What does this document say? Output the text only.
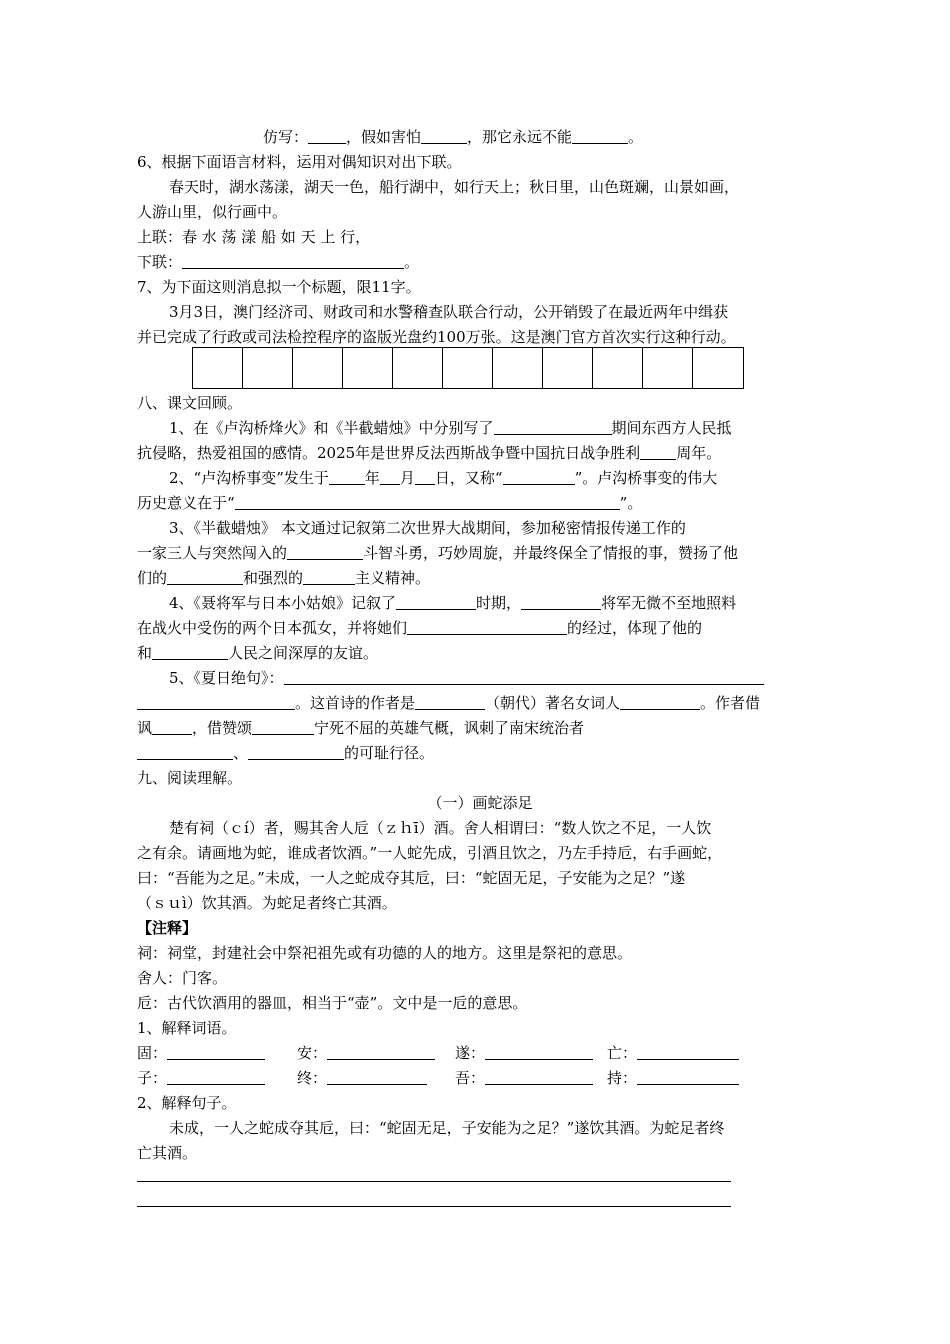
仿写：	，假如害怕	，那它永远不能	。
6、根据下面语言材料，运用对偶知识对出下联。
春天时，湖水荡漾，湖天一色，船行湖中，如行天上；秋日里，山色斑斓，山景如画，
人游山里，似行画中。
上联：春 水 荡 漾 船 如 天 上 行，
下联：	。
7、为下面这则消息拟一个标题，限11字。
3月3日，澳门经济司、财政司和水警稽查队联合行动，公开销毁了在最近两年中缉获
并已完成了行政或司法检控程序的盗版光盘约100万张。这是澳门官方首次实行这种行动。
八、课文回顾。
1、在《卢沟桥烽火》和《半截蜡烛》中分别写了	期间东西方人民抵
抗侵略，热爱祖国的感情。2025年是世界反法西斯战争暨中国抗日战争胜利 周年。
2、“卢沟桥事变”发生于 年 月 日，又称“	”。卢沟桥事变的伟大
历史意义在于“	”。
3、《半截蜡烛》 本文通过记叙第二次世界大战期间，参加秘密情报传递工作的
一家三人与突然闯入的	斗智斗勇，巧妙周旋，并最终保全了情报的事，赞扬了他
们的	和强烈的	主义精神。
4、《聂将军与日本小姑娘》记叙了	时期，	将军无微不至地照料
在战火中受伤的两个日本孤女，并将她们	的经过，体现了他的
和	人民之间深厚的友谊。
5、《夏日绝句》：
。这首诗的作者是	（朝代）著名女词人	。作者借
讽	，借赞颂	宁死不屈的英雄气概，讽刺了南宋统治者
、	的可耻行径。
九、阅读理解。
（一）画蛇添足
楚有祠（ｃí）者，赐其舍人卮（ｚｈī）酒。舍人相谓曰：“数人饮之不足，一人饮
之有余。请画地为蛇，谁成者饮酒。”一人蛇先成，引酒且饮之，乃左手持卮，右手画蛇，
曰：“吾能为之足。”未成，一人之蛇成夺其卮，曰：“蛇固无足，子安能为之足？”遂
（ｓｕì）饮其酒。为蛇足者终亡其酒。
【注释】
祠：祠堂，封建社会中祭祀祖先或有功德的人的地方。这里是祭祀的意思。
舍人：门客。
卮：古代饮酒用的器皿，相当于“壶”。文中是一卮的意思。
1、解释词语。
固：	安：	遂：	亡：
子：	终：	吾：	持：
2、解释句子。
未成，一人之蛇成夺其卮，曰：“蛇固无足，子安能为之足？”遂饮其酒。为蛇足者终
亡其酒。
